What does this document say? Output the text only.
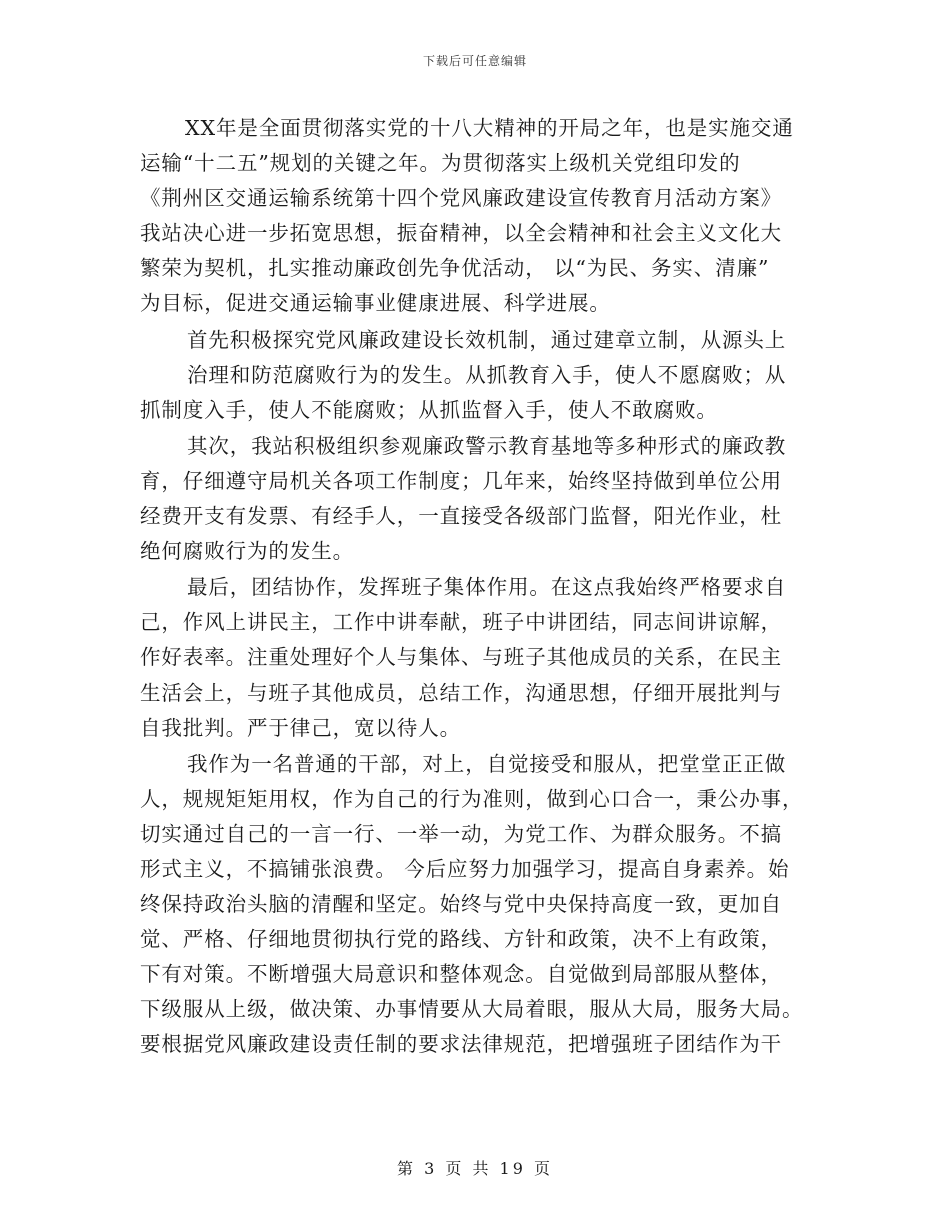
下载后可任意编辑
XX年是全面贯彻落实党的十八大精神的开局之年，也是实施交通
运输“十二五”规划的关键之年。为贯彻落实上级机关党组印发的
《荆州区交通运输系统第十四个党风廉政建设宣传教育月活动方案》
我站决心进一步拓宽思想，振奋精神，以全会精神和社会主义文化大
繁荣为契机，扎实推动廉政创先争优活动， 以“为民、务实、清廉”
为目标，促进交通运输事业健康进展、科学进展。
首先积极探究党风廉政建设长效机制，通过建章立制，从源头上
治理和防范腐败行为的发生。从抓教育入手，使人不愿腐败；从
抓制度入手，使人不能腐败；从抓监督入手，使人不敢腐败。
其次，我站积极组织参观廉政警示教育基地等多种形式的廉政教
育，仔细遵守局机关各项工作制度；几年来，始终坚持做到单位公用
经费开支有发票、有经手人，一直接受各级部门监督，阳光作业，杜
绝何腐败行为的发生。
最后，团结协作，发挥班子集体作用。在这点我始终严格要求自
己，作风上讲民主，工作中讲奉献，班子中讲团结，同志间讲谅解，
作好表率。注重处理好个人与集体、与班子其他成员的关系，在民主
生活会上，与班子其他成员，总结工作，沟通思想，仔细开展批判与
自我批判。严于律己，宽以待人。
我作为一名普通的干部，对上，自觉接受和服从，把堂堂正正做
人，规规矩矩用权，作为自己的行为准则，做到心口合一，秉公办事，
切实通过自己的一言一行、一举一动，为党工作、为群众服务。不搞
形式主义，不搞铺张浪费。 今后应努力加强学习，提高自身素养。始
终保持政治头脑的清醒和坚定。始终与党中央保持高度一致，更加自
觉、严格、仔细地贯彻执行党的路线、方针和政策，决不上有政策，
下有对策。不断增强大局意识和整体观念。自觉做到局部服从整体，
下级服从上级，做决策、办事情要从大局着眼，服从大局，服务大局。
要根据党风廉政建设责任制的要求法律规范，把增强班子团结作为干
第 3 页 共 19 页
